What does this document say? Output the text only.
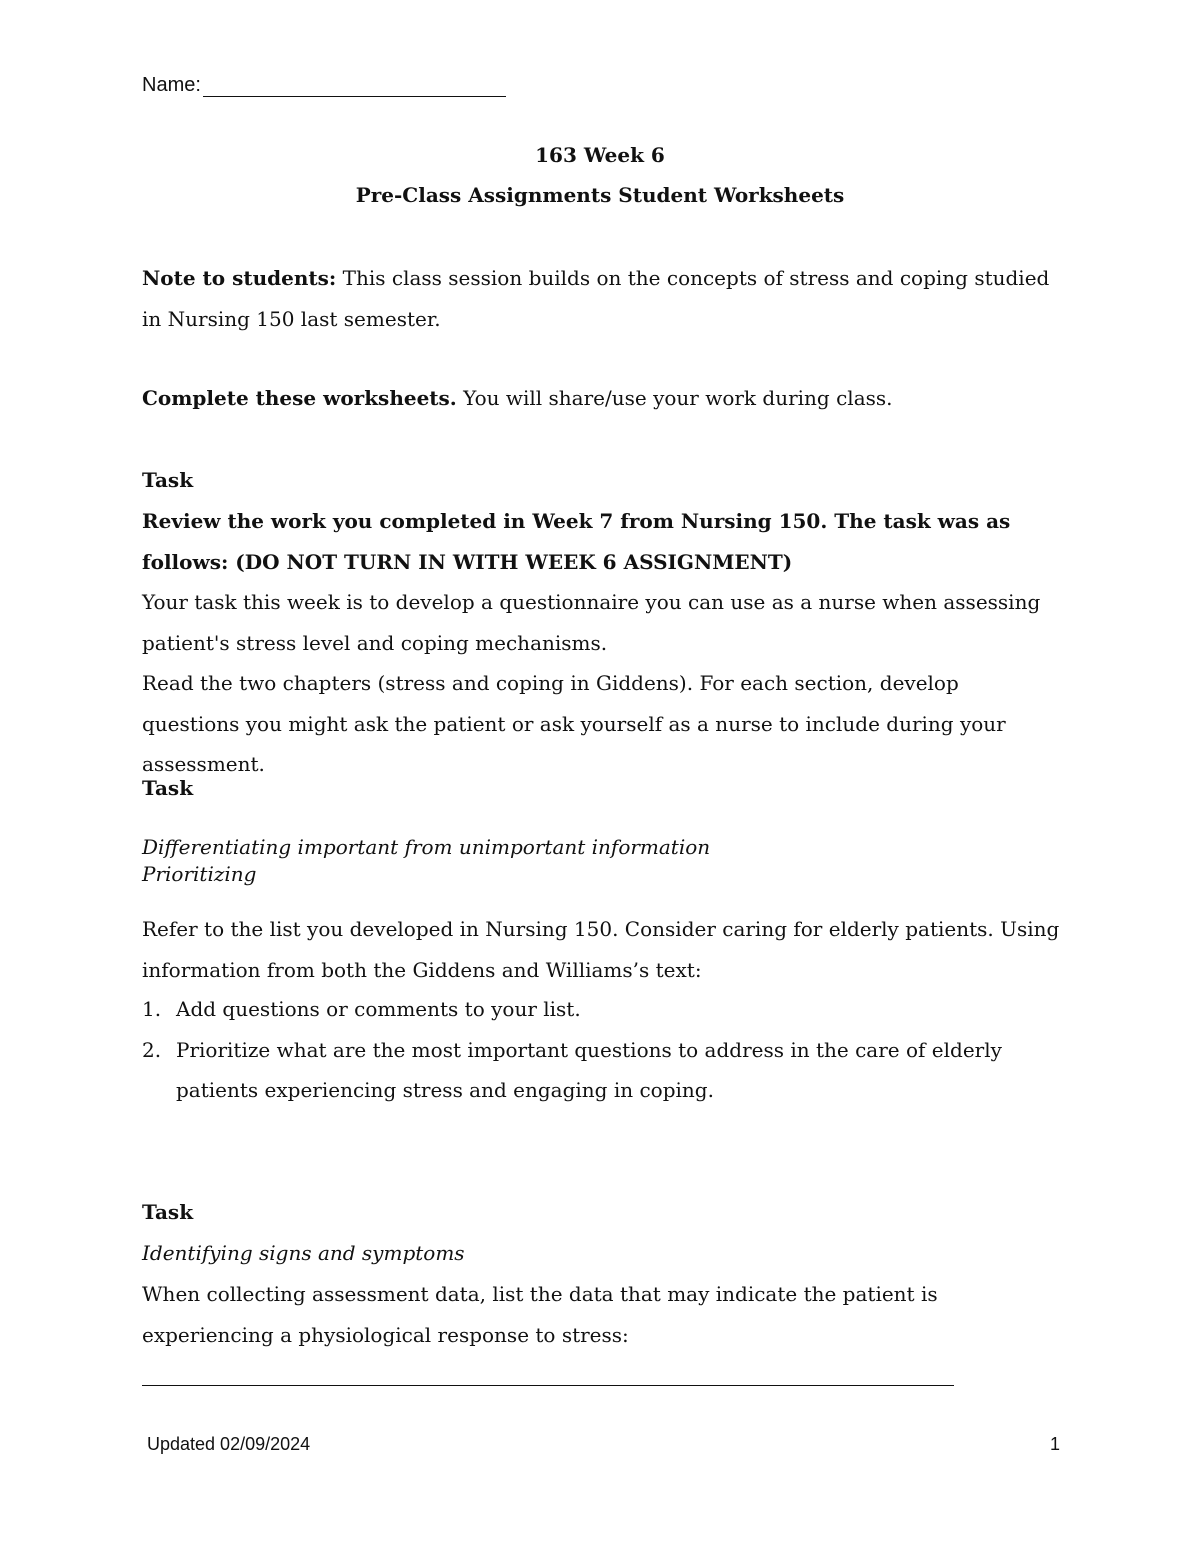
Name:

163 Week 6

Pre-Class Assignments Student Worksheets

Note to students: This class session builds on the concepts of stress and coping studied in Nursing 150 last semester.

Complete these worksheets. You will share/use your work during class.

Task

Review the work you completed in Week 7 from Nursing 150. The task was as follows: (DO NOT TURN IN WITH WEEK 6 ASSIGNMENT)

Your task this week is to develop a questionnaire you can use as a nurse when assessing patient's stress level and coping mechanisms.

Read the two chapters (stress and coping in Giddens). For each section, develop questions you might ask the patient or ask yourself as a nurse to include during your assessment.

Task

Differentiating important from unimportant information

Prioritizing

Refer to the list you developed in Nursing 150. Consider caring for elderly patients. Using information from both the Giddens and Williams’s text:

1. Add questions or comments to your list.
2. Prioritize what are the most important questions to address in the care of elderly patients experiencing stress and engaging in coping.

Task

Identifying signs and symptoms

When collecting assessment data, list the data that may indicate the patient is experiencing a physiological response to stress:

Updated 02/09/2024	1
